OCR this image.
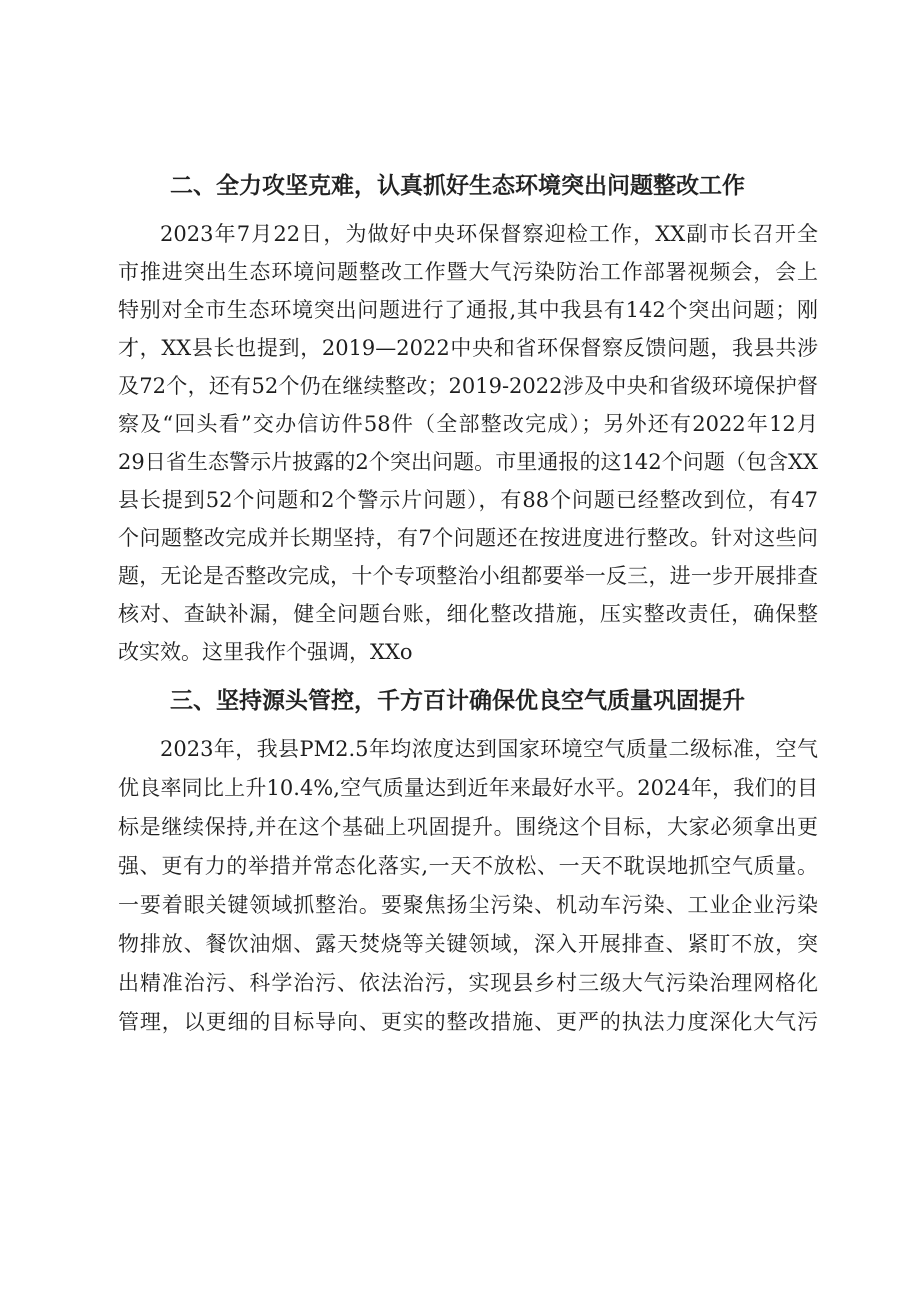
二、全力攻坚克难，认真抓好生态环境突出问题整改工作
2023年7月22日，为做好中央环保督察迎检工作，XX副市长召开全
市推进突出生态环境问题整改工作暨大气污染防治工作部署视频会，会上
特别对全市生态环境突出问题进行了通报,其中我县有142个突出问题；刚
才，XX县长也提到，2019—2022中央和省环保督察反馈问题，我县共涉
及72个，还有52个仍在继续整改；2019-2022涉及中央和省级环境保护督
察及“回头看”交办信访件58件（全部整改完成）；另外还有2022年12月
29日省生态警示片披露的2个突出问题。市里通报的这142个问题（包含XX
县长提到52个问题和2个警示片问题），有88个问题已经整改到位，有47
个问题整改完成并长期坚持，有7个问题还在按进度进行整改。针对这些问
题，无论是否整改完成，十个专项整治小组都要举一反三，进一步开展排查
核对、查缺补漏，健全问题台账，细化整改措施，压实整改责任，确保整
改实效。这里我作个强调，XXo
三、坚持源头管控，千方百计确保优良空气质量巩固提升
2023年，我县PM2.5年均浓度达到国家环境空气质量二级标准，空气
优良率同比上升10.4%,空气质量达到近年来最好水平。2024年，我们的目
标是继续保持,并在这个基础上巩固提升。围绕这个目标，大家必须拿出更
强、更有力的举措并常态化落实,一天不放松、一天不耽误地抓空气质量。
一要着眼关键领域抓整治。要聚焦扬尘污染、机动车污染、工业企业污染
物排放、餐饮油烟、露天焚烧等关键领域，深入开展排查、紧盯不放，突
出精准治污、科学治污、依法治污，实现县乡村三级大气污染治理网格化
管理，以更细的目标导向、更实的整改措施、更严的执法力度深化大气污
